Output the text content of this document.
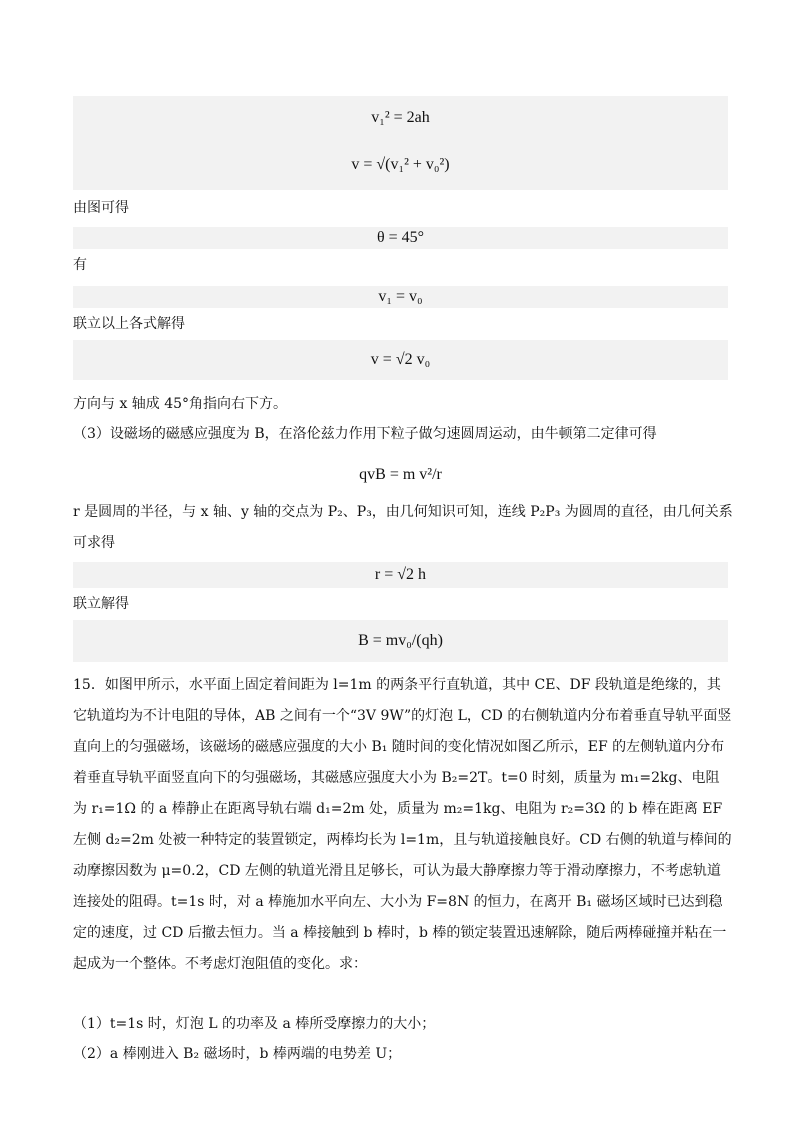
v₁² = 2ah
v = √(v₁² + v₀²)
由图可得
θ = 45°
有
v₁ = v₀
联立以上各式解得
v = √2 v₀
方向与 x 轴成 45°角指向右下方。
（3）设磁场的磁感应强度为 B，在洛伦兹力作用下粒子做匀速圆周运动，由牛顿第二定律可得
qvB = m v²/r
r 是圆周的半径，与 x 轴、y 轴的交点为 P₂、P₃，由几何知识可知，连线 P₂P₃ 为圆周的直径，由几何关系可求得
r = √2 h
联立解得
B = mv₀/(qh)
15．如图甲所示，水平面上固定着间距为 l=1m 的两条平行直轨道，其中 CE、DF 段轨道是绝缘的，其它轨道均为不计电阻的导体，AB 之间有一个“3V 9W”的灯泡 L，CD 的右侧轨道内分布着垂直导轨平面竖直向上的匀强磁场，该磁场的磁感应强度的大小 B₁ 随时间的变化情况如图乙所示，EF 的左侧轨道内分布着垂直导轨平面竖直向下的匀强磁场，其磁感应强度大小为 B₂=2T。t=0 时刻，质量为 m₁=2kg、电阻为 r₁=1Ω 的 a 棒静止在距离导轨右端 d₁=2m 处，质量为 m₂=1kg、电阻为 r₂=3Ω 的 b 棒在距离 EF 左侧 d₂=2m 处被一种特定的装置锁定，两棒均长为 l=1m，且与轨道接触良好。CD 右侧的轨道与棒间的动摩擦因数为 μ=0.2，CD 左侧的轨道光滑且足够长，可认为最大静摩擦力等于滑动摩擦力，不考虑轨道连接处的阻碍。t=1s 时，对 a 棒施加水平向左、大小为 F=8N 的恒力，在离开 B₁ 磁场区域时已达到稳定的速度，过 CD 后撤去恒力。当 a 棒接触到 b 棒时，b 棒的锁定装置迅速解除，随后两棒碰撞并粘在一起成为一个整体。不考虑灯泡阻值的变化。求：
（1）t=1s 时，灯泡 L 的功率及 a 棒所受摩擦力的大小；
（2）a 棒刚进入 B₂ 磁场时，b 棒两端的电势差 U；
